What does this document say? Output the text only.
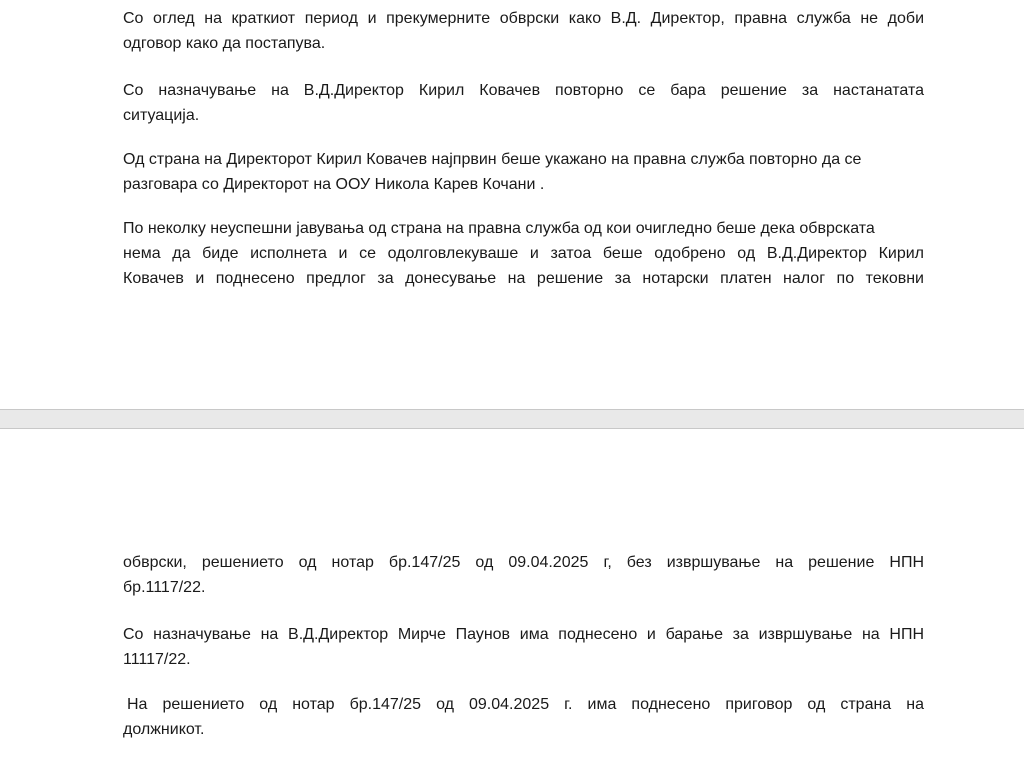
Со оглед на краткиот период и прекумерните обврски како В.Д. Директор, правна служба не доби
одговор како да постапува.
Со назначување на В.Д.Директор Кирил Ковачев повторно се бара решение за настанатата
ситуација.
Од страна на Директорот Кирил Ковачев најпрвин беше укажано на правна служба повторно да се
разговара со Директорот на ООУ Никола Карев Кочани .
По неколку неуспешни јавувања од страна на правна служба од кои очигледно беше дека обврската
нема да биде исполнета и се одолговлекуваше и затоа беше одобрено од В.Д.Директор Кирил
Ковачев и поднесено предлог за донесување на решение за нотарски платен налог по тековни
обврски, решението од нотар бр.147/25 од 09.04.2025 г, без извршување на решение НПН
бр.1117/22.
Со назначување на В.Д.Директор Мирче Паунов има поднесено и барање за извршување на НПН
11117/22.
На решението од нотар бр.147/25 од 09.04.2025 г. има поднесено приговор од страна на
должникот.
